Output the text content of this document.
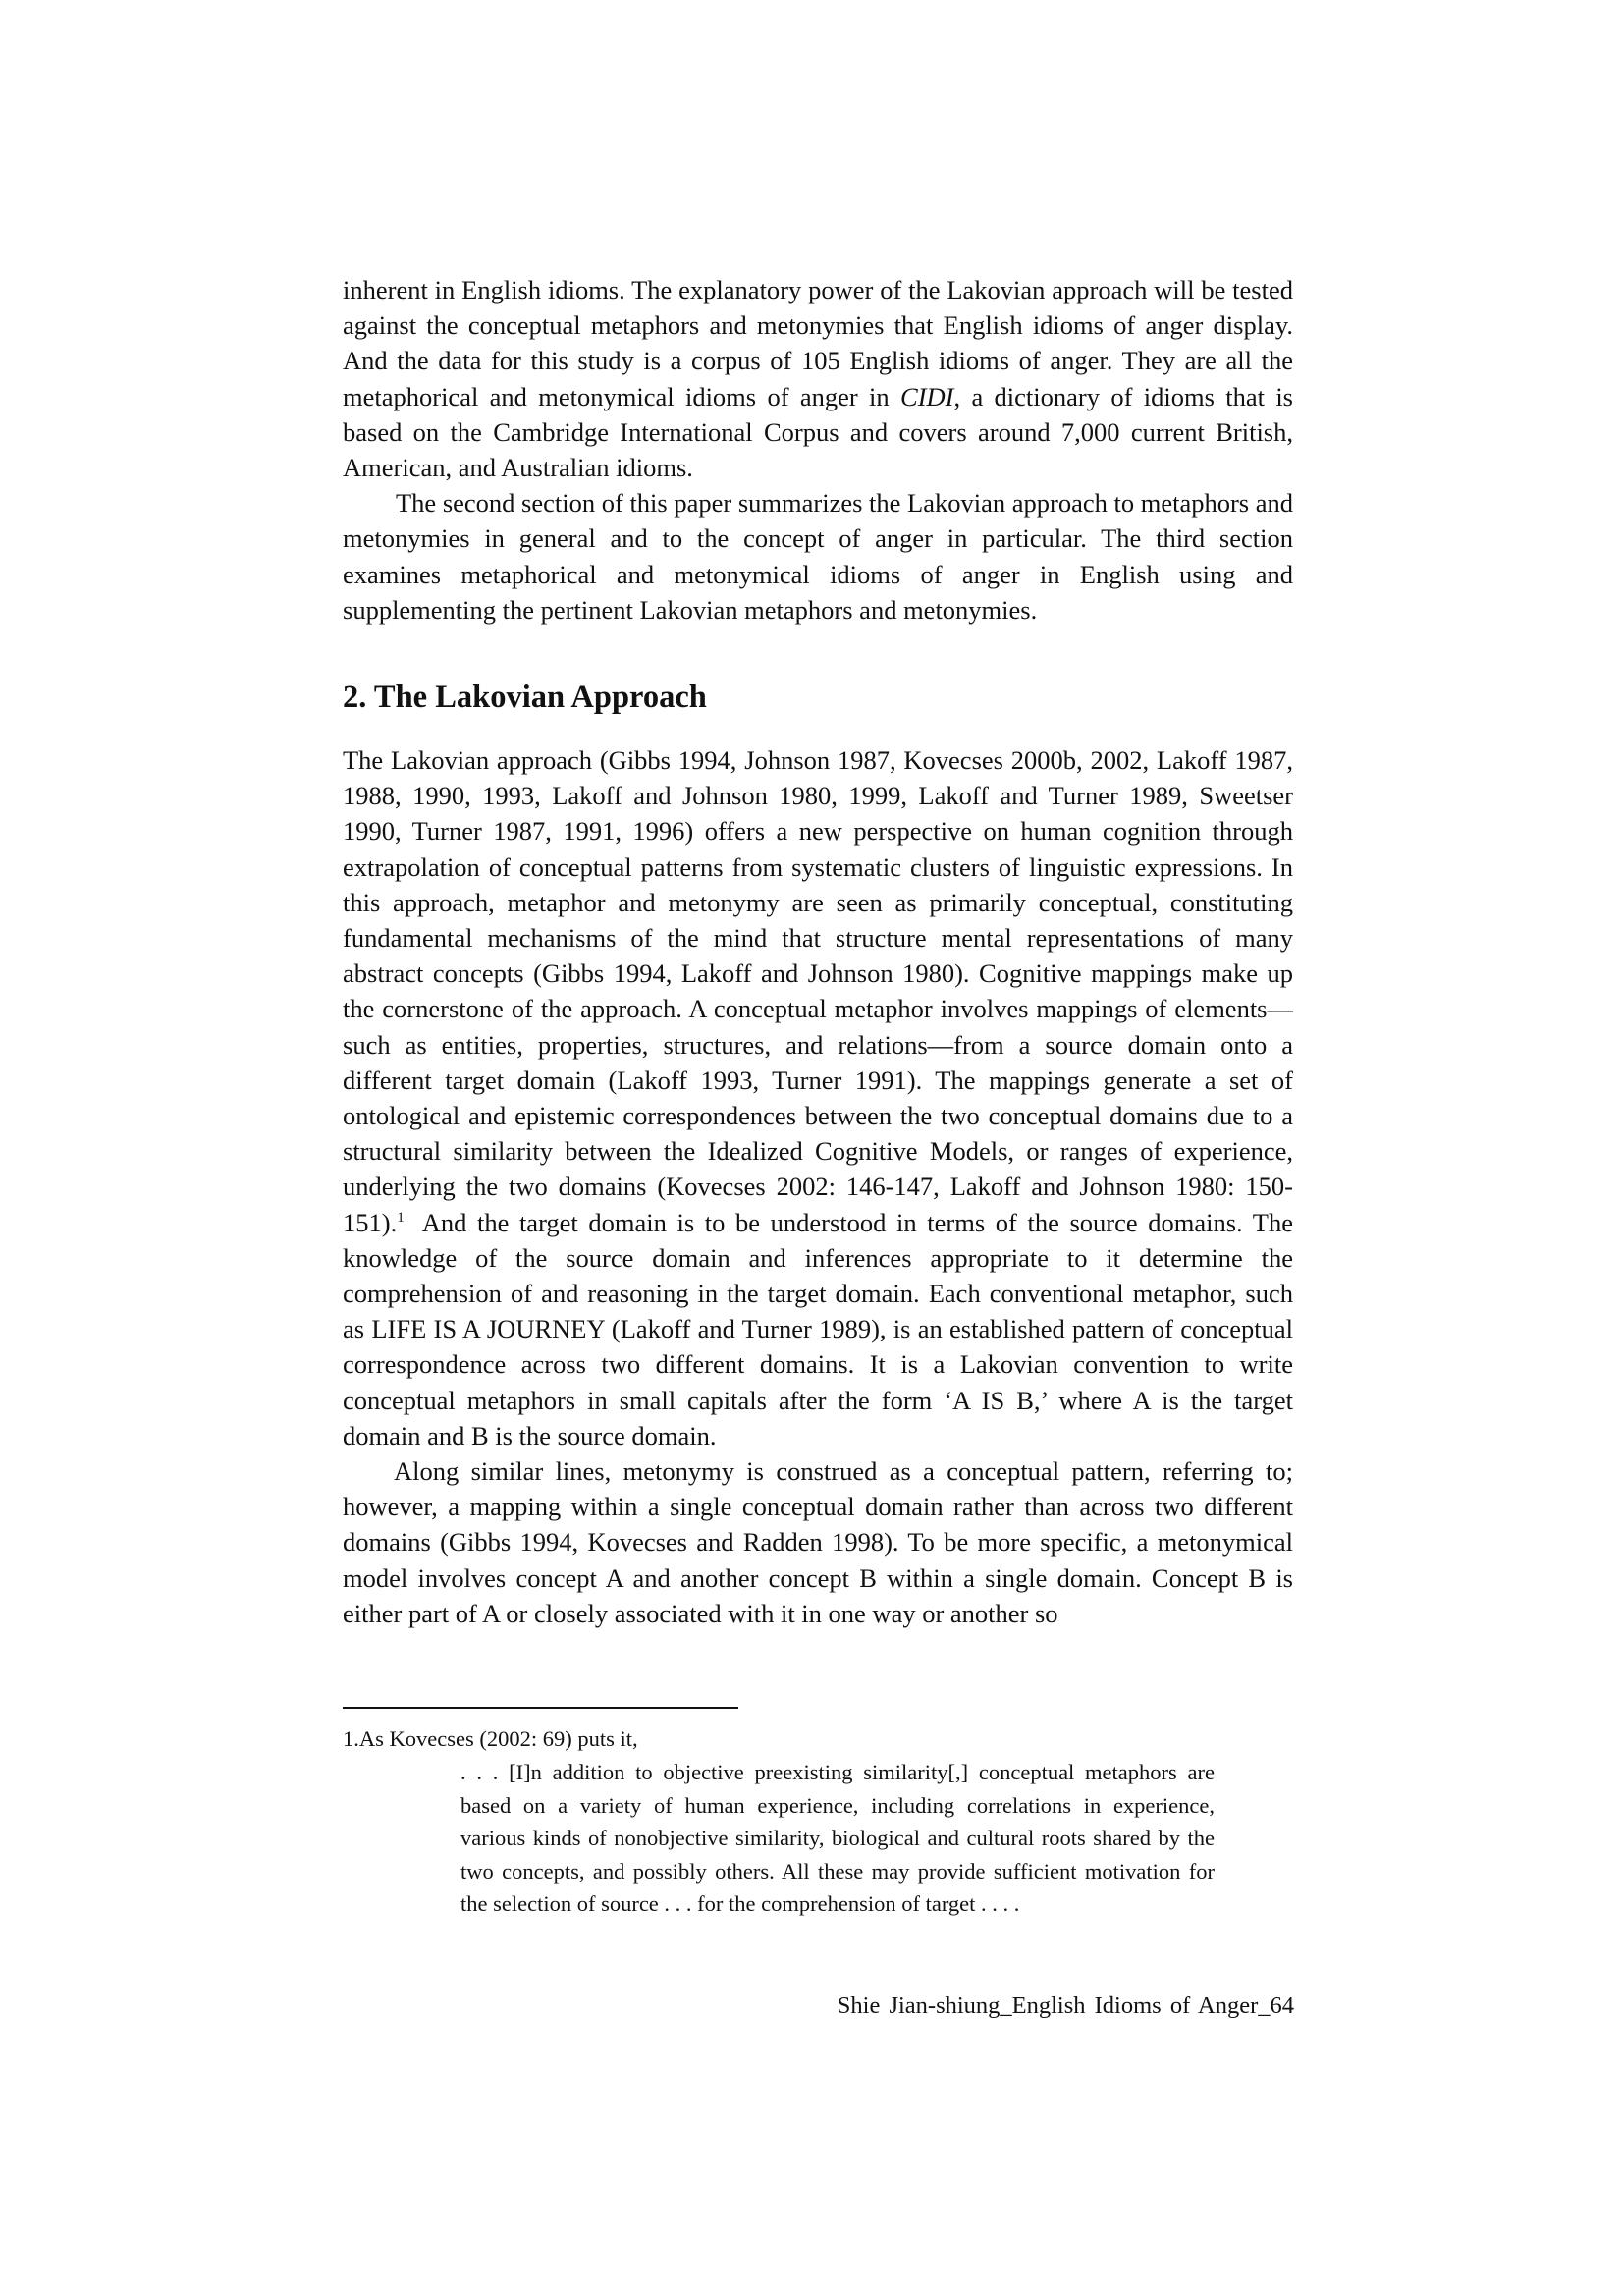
inherent in English idioms. The explanatory power of the Lakovian approach will be tested against the conceptual metaphors and metonymies that English idioms of anger display. And the data for this study is a corpus of 105 English idioms of anger. They are all the metaphorical and metonymical idioms of anger in CIDI, a dictionary of idioms that is based on the Cambridge International Corpus and covers around 7,000 current British, American, and Australian idioms.

The second section of this paper summarizes the Lakovian approach to metaphors and metonymies in general and to the concept of anger in particular. The third section examines metaphorical and metonymical idioms of anger in English using and supplementing the pertinent Lakovian metaphors and metonymies.

2. The Lakovian Approach

The Lakovian approach (Gibbs 1994, Johnson 1987, Kovecses 2000b, 2002, Lakoff 1987, 1988, 1990, 1993, Lakoff and Johnson 1980, 1999, Lakoff and Turner 1989, Sweetser 1990, Turner 1987, 1991, 1996) offers a new perspective on human cognition through extrapolation of conceptual patterns from systematic clusters of linguistic expressions. In this approach, metaphor and metonymy are seen as primarily conceptual, constituting fundamental mechanisms of the mind that structure mental representations of many abstract concepts (Gibbs 1994, Lakoff and Johnson 1980). Cognitive mappings make up the cornerstone of the approach. A conceptual metaphor involves mappings of elements—such as entities, properties, structures, and relations—from a source domain onto a different target domain (Lakoff 1993, Turner 1991). The mappings generate a set of ontological and epistemic correspondences between the two conceptual domains due to a structural similarity between the Idealized Cognitive Models, or ranges of experience, underlying the two domains (Kovecses 2002: 146-147, Lakoff and Johnson 1980: 150-151).$^1$ And the target domain is to be understood in terms of the source domains. The knowledge of the source domain and inferences appropriate to it determine the comprehension of and reasoning in the target domain. Each conventional metaphor, such as LIFE IS A JOURNEY (Lakoff and Turner 1989), is an established pattern of conceptual correspondence across two different domains. It is a Lakovian convention to write conceptual metaphors in small capitals after the form ‘A IS B,’ where A is the target domain and B is the source domain.

Along similar lines, metonymy is construed as a conceptual pattern, referring to; however, a mapping within a single conceptual domain rather than across two different domains (Gibbs 1994, Kovecses and Radden 1998). To be more specific, a metonymical model involves concept A and another concept B within a single domain. Concept B is either part of A or closely associated with it in one way or another so

1.As Kovecses (2002: 69) puts it,

. . . [I]n addition to objective preexisting similarity[,] conceptual metaphors are based on a variety of human experience, including correlations in experience, various kinds of nonobjective similarity, biological and cultural roots shared by the two concepts, and possibly others. All these may provide sufficient motivation for the selection of source . . . for the comprehension of target . . . .

Shie Jian-shiung_English Idioms of Anger_64
